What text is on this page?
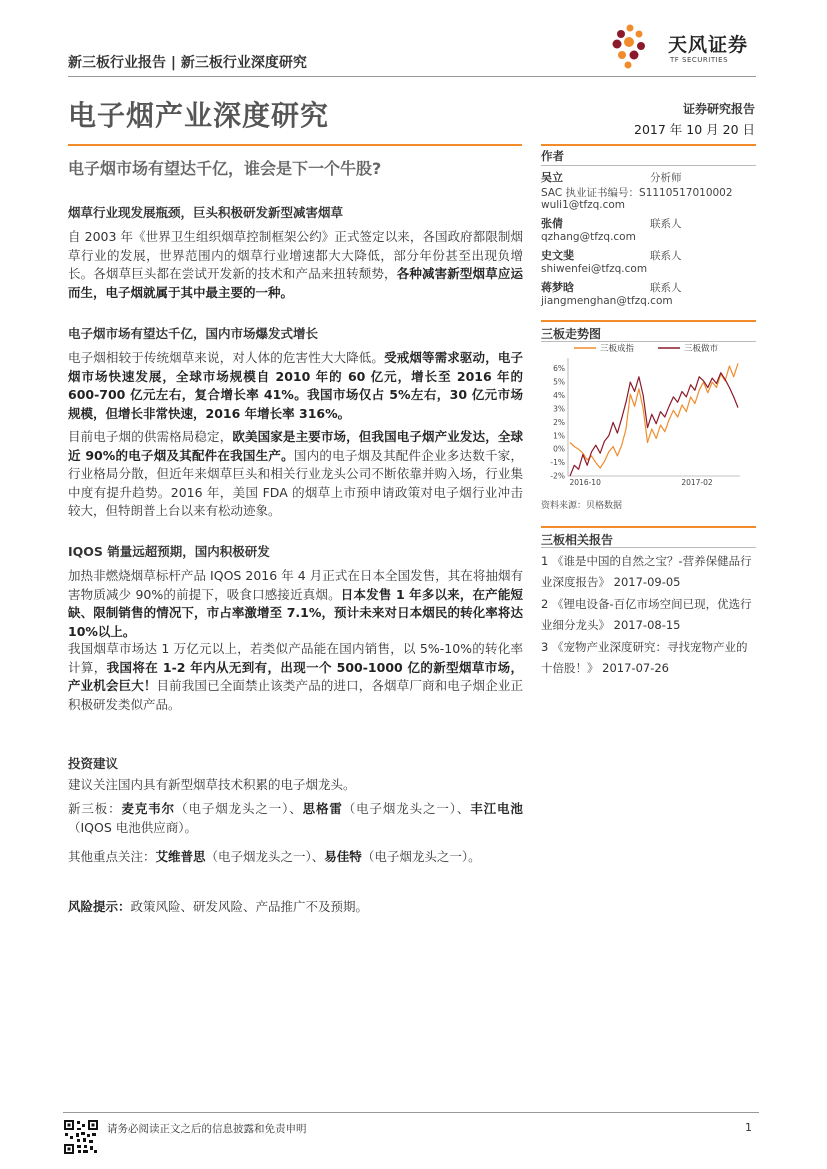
新三板行业报告 | 新三板行业深度研究
天风证券
TF SECURITIES
电子烟产业深度研究	证券研究报告
2017 年 10 月 20 日
电子烟市场有望达千亿，谁会是下一个牛股?
烟草行业现发展瓶颈，巨头积极研发新型减害烟草
自 2003 年《世界卫生组织烟草控制框架公约》正式签定以来，各国政府都限制烟草行业的发展，世界范围内的烟草行业增速都大大降低，部分年份甚至出现负增长。各烟草巨头都在尝试开发新的技术和产品来扭转颓势，各种减害新型烟草应运而生，电子烟就属于其中最主要的一种。
电子烟市场有望达千亿，国内市场爆发式增长
电子烟相较于传统烟草来说，对人体的危害性大大降低。受戒烟等需求驱动，电子烟市场快速发展，全球市场规模自 2010 年的 60 亿元，增长至 2016 年的 600-700 亿元左右，复合增长率 41%。我国市场仅占 5%左右，30 亿元市场规模，但增长非常快速，2016 年增长率 316%。
目前电子烟的供需格局稳定，欧美国家是主要市场，但我国电子烟产业发达，全球近 90%的电子烟及其配件在我国生产。国内的电子烟及其配件企业多达数千家，行业格局分散，但近年来烟草巨头和相关行业龙头公司不断依靠并购入场，行业集中度有提升趋势。2016 年，美国 FDA 的烟草上市预申请政策对电子烟行业冲击较大，但特朗普上台以来有松动迹象。
IQOS 销量远超预期，国内积极研发
加热非燃烧烟草标杆产品 IQOS 2016 年 4 月正式在日本全国发售，其在将抽烟有害物质减少 90%的前提下，吸食口感接近真烟。日本发售 1 年多以来，在产能短缺、限制销售的情况下，市占率激增至 7.1%，预计未来对日本烟民的转化率将达 10%以上。
我国烟草市场达 1 万亿元以上，若类似产品能在国内销售，以 5%-10%的转化率计算，我国将在 1-2 年内从无到有，出现一个 500-1000 亿的新型烟草市场，产业机会巨大！目前我国已全面禁止该类产品的进口，各烟草厂商和电子烟企业正积极研发类似产品。
投资建议
建议关注国内具有新型烟草技术积累的电子烟龙头。
新三板：麦克韦尔（电子烟龙头之一）、思格雷（电子烟龙头之一）、丰江电池（IQOS 电池供应商）。
其他重点关注：艾维普思（电子烟龙头之一）、易佳特（电子烟龙头之一）。
风险提示：政策风险、研发风险、产品推广不及预期。
作者
吴立	分析师
SAC 执业证书编号：S1110517010002
wuli1@tfzq.com
张倩	联系人
qzhang@tfzq.com
史文斐	联系人
shiwenfei@tfzq.com
蒋梦晗	联系人
jiangmenghan@tfzq.com
三板走势图
三板成指	三板做市
6%
5%
4%
3%
2%
1%
0%
-1%
-2%
2016-10	2017-02
资料来源：贝格数据
三板相关报告
1 《谁是中国的自然之宝？-营养保健品行业深度报告》 2017-09-05
2 《锂电设备-百亿市场空间已现，优选行业细分龙头》 2017-08-15
3 《宠物产业深度研究：寻找宠物产业的十倍股！》 2017-07-26
请务必阅读正文之后的信息披露和免责申明	1
